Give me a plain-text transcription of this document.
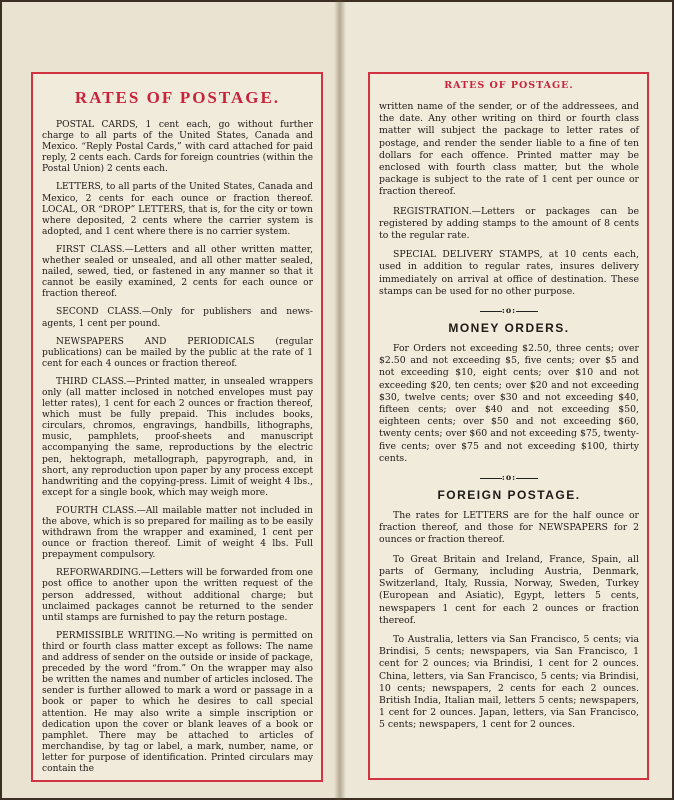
RATES OF POSTAGE.

POSTAL CARDS, 1 cent each, go without further charge to all parts of the United States, Canada and Mexico. “Reply Postal Cards,” with card attached for paid reply, 2 cents each. Cards for foreign countries (within the Postal Union) 2 cents each.

LETTERS, to all parts of the United States, Canada and Mexico, 2 cents for each ounce or fraction thereof. LOCAL, OR “DROP” LETTERS, that is, for the city or town where deposited, 2 cents where the carrier system is adopted, and 1 cent where there is no carrier system.

FIRST CLASS.—Letters and all other written matter, whether sealed or unsealed, and all other matter sealed, nailed, sewed, tied, or fastened in any manner so that it cannot be easily examined, 2 cents for each ounce or fraction thereof.

SECOND CLASS.—Only for publishers and news-agents, 1 cent per pound.

NEWSPAPERS AND PERIODICALS (regular publications) can be mailed by the public at the rate of 1 cent for each 4 ounces or fraction thereof.

THIRD CLASS.—Printed matter, in unsealed wrappers only (all matter inclosed in notched envelopes must pay letter rates), 1 cent for each 2 ounces or fraction thereof, which must be fully prepaid. This includes books, circulars, chromos, engravings, handbills, lithographs, music, pamphlets, proof-sheets and manuscript accompanying the same, reproductions by the electric pen, hektograph, metallograph, papyrograph, and, in short, any reproduction upon paper by any process except handwriting and the copying-press. Limit of weight 4 lbs., except for a single book, which may weigh more.

FOURTH CLASS.—All mailable matter not included in the above, which is so prepared for mailing as to be easily withdrawn from the wrapper and examined, 1 cent per ounce or fraction thereof. Limit of weight 4 lbs. Full prepayment compulsory.

REFORWARDING.—Letters will be forwarded from one post office to another upon the written request of the person addressed, without additional charge; but unclaimed packages cannot be returned to the sender until stamps are furnished to pay the return postage.

PERMISSIBLE WRITING.—No writing is permitted on third or fourth class matter except as follows: The name and address of sender on the outside or inside of package, preceded by the word “from.” On the wrapper may also be written the names and number of articles inclosed. The sender is further allowed to mark a word or passage in a book or paper to which he desires to call special attention. He may also write a simple inscription or dedication upon the cover or blank leaves of a book or pamphlet. There may be attached to articles of merchandise, by tag or label, a mark, number, name, or letter for purpose of identification. Printed circulars may contain the

RATES OF POSTAGE.

written name of the sender, or of the addressees, and the date. Any other writing on third or fourth class matter will subject the package to letter rates of postage, and render the sender liable to a fine of ten dollars for each offence. Printed matter may be enclosed with fourth class matter, but the whole package is subject to the rate of 1 cent per ounce or fraction thereof.

REGISTRATION.—Letters or packages can be registered by adding stamps to the amount of 8 cents to the regular rate.

SPECIAL DELIVERY STAMPS, at 10 cents each, used in addition to regular rates, insures delivery immediately on arrival at office of destination. These stamps can be used for no other purpose.

:o:
MONEY ORDERS.

For Orders not exceeding $2.50, three cents; over $2.50 and not exceeding $5, five cents; over $5 and not exceeding $10, eight cents; over $10 and not exceeding $20, ten cents; over $20 and not exceeding $30, twelve cents; over $30 and not exceeding $40, fifteen cents; over $40 and not exceeding $50, eighteen cents; over $50 and not exceeding $60, twenty cents; over $60 and not exceeding $75, twenty-five cents; over $75 and not exceeding $100, thirty cents.

:o:
FOREIGN POSTAGE.

The rates for LETTERS are for the half ounce or fraction thereof, and those for NEWSPAPERS for 2 ounces or fraction thereof.

To Great Britain and Ireland, France, Spain, all parts of Germany, including Austria, Denmark, Switzerland, Italy, Russia, Norway, Sweden, Turkey (European and Asiatic), Egypt, letters 5 cents, newspapers 1 cent for each 2 ounces or fraction thereof.

To Australia, letters via San Francisco, 5 cents; via Brindisi, 5 cents; newspapers, via San Francisco, 1 cent for 2 ounces; via Brindisi, 1 cent for 2 ounces. China, letters, via San Francisco, 5 cents; via Brindisi, 10 cents; newspapers, 2 cents for each 2 ounces. British India, Italian mail, letters 5 cents; newspapers, 1 cent for 2 ounces. Japan, letters, via San Francisco, 5 cents; newspapers, 1 cent for 2 ounces.
